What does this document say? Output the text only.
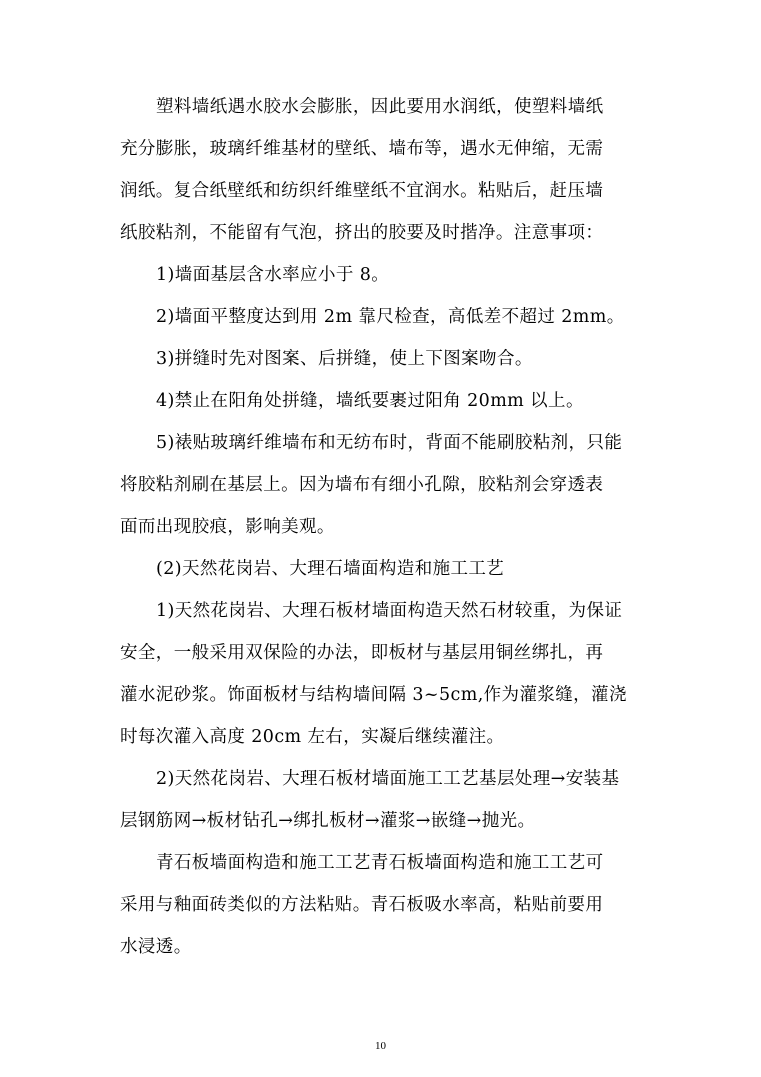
塑料墙纸遇水胶水会膨胀，因此要用水润纸，使塑料墙纸
充分膨胀，玻璃纤维基材的壁纸、墙布等，遇水无伸缩，无需
润纸。复合纸壁纸和纺织纤维壁纸不宜润水。粘贴后，赶压墙
纸胶粘剂，不能留有气泡，挤出的胶要及时揩净。注意事项：
1)墙面基层含水率应小于 8。
2)墙面平整度达到用 2m 靠尺检查，高低差不超过 2mm。
3)拼缝时先对图案、后拼缝，使上下图案吻合。
4)禁止在阳角处拼缝，墙纸要裹过阳角 20mm 以上。
5)裱贴玻璃纤维墙布和无纺布时，背面不能刷胶粘剂，只能
将胶粘剂刷在基层上。因为墙布有细小孔隙，胶粘剂会穿透表
面而出现胶痕，影响美观。
(2)天然花岗岩、大理石墙面构造和施工工艺
1)天然花岗岩、大理石板材墙面构造天然石材较重，为保证
安全，一般采用双保险的办法，即板材与基层用铜丝绑扎，再
灌水泥砂浆。饰面板材与结构墙间隔 3~5cm,作为灌浆缝，灌浇
时每次灌入高度 20cm 左右，实凝后继续灌注。
2)天然花岗岩、大理石板材墙面施工工艺基层处理→安装基
层钢筋网→板材钻孔→绑扎板材→灌浆→嵌缝→抛光。
青石板墙面构造和施工工艺青石板墙面构造和施工工艺可
采用与釉面砖类似的方法粘贴。青石板吸水率高，粘贴前要用
水浸透。
10
